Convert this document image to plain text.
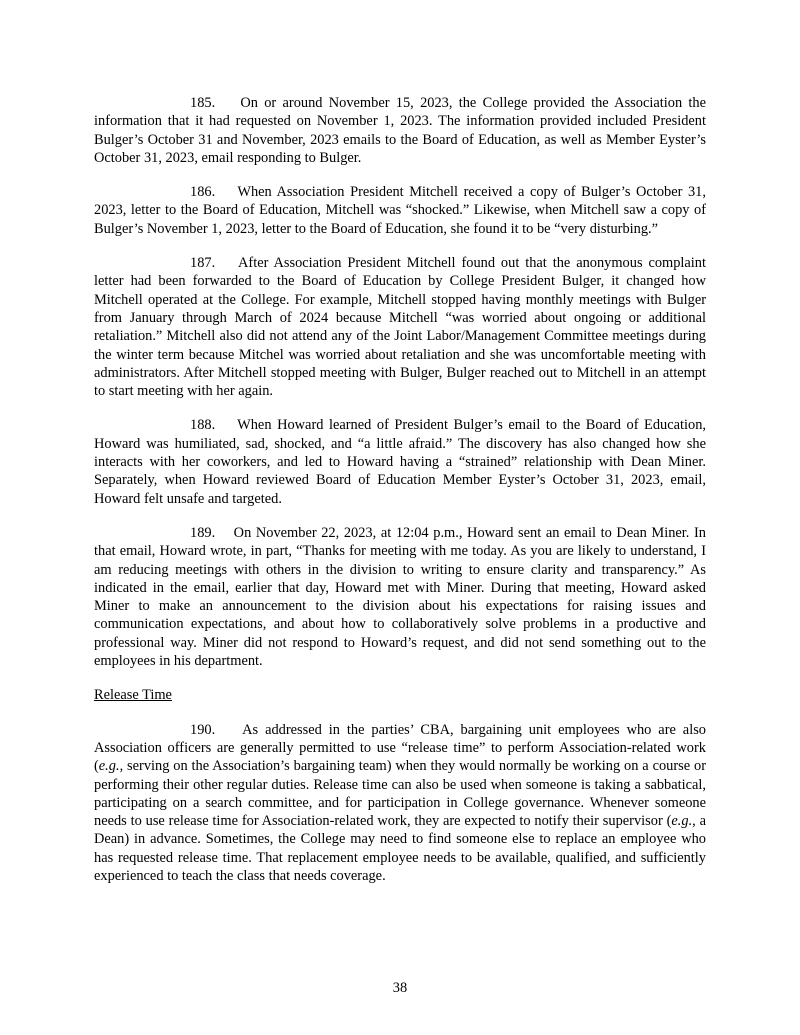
185. On or around November 15, 2023, the College provided the Association the information that it had requested on November 1, 2023. The information provided included President Bulger’s October 31 and November, 2023 emails to the Board of Education, as well as Member Eyster’s October 31, 2023, email responding to Bulger.

186. When Association President Mitchell received a copy of Bulger’s October 31, 2023, letter to the Board of Education, Mitchell was “shocked.” Likewise, when Mitchell saw a copy of Bulger’s November 1, 2023, letter to the Board of Education, she found it to be “very disturbing.”

187. After Association President Mitchell found out that the anonymous complaint letter had been forwarded to the Board of Education by College President Bulger, it changed how Mitchell operated at the College. For example, Mitchell stopped having monthly meetings with Bulger from January through March of 2024 because Mitchell “was worried about ongoing or additional retaliation.” Mitchell also did not attend any of the Joint Labor/Management Committee meetings during the winter term because Mitchel was worried about retaliation and she was uncomfortable meeting with administrators. After Mitchell stopped meeting with Bulger, Bulger reached out to Mitchell in an attempt to start meeting with her again.

188. When Howard learned of President Bulger’s email to the Board of Education, Howard was humiliated, sad, shocked, and “a little afraid.” The discovery has also changed how she interacts with her coworkers, and led to Howard having a “strained” relationship with Dean Miner. Separately, when Howard reviewed Board of Education Member Eyster’s October 31, 2023, email, Howard felt unsafe and targeted.

189. On November 22, 2023, at 12:04 p.m., Howard sent an email to Dean Miner. In that email, Howard wrote, in part, “Thanks for meeting with me today. As you are likely to understand, I am reducing meetings with others in the division to writing to ensure clarity and transparency.” As indicated in the email, earlier that day, Howard met with Miner. During that meeting, Howard asked Miner to make an announcement to the division about his expectations for raising issues and communication expectations, and about how to collaboratively solve problems in a productive and professional way. Miner did not respond to Howard’s request, and did not send something out to the employees in his department.

Release Time

190. As addressed in the parties’ CBA, bargaining unit employees who are also Association officers are generally permitted to use “release time” to perform Association-related work (e.g., serving on the Association’s bargaining team) when they would normally be working on a course or performing their other regular duties. Release time can also be used when someone is taking a sabbatical, participating on a search committee, and for participation in College governance. Whenever someone needs to use release time for Association-related work, they are expected to notify their supervisor (e.g., a Dean) in advance. Sometimes, the College may need to find someone else to replace an employee who has requested release time. That replacement employee needs to be available, qualified, and sufficiently experienced to teach the class that needs coverage.

38
